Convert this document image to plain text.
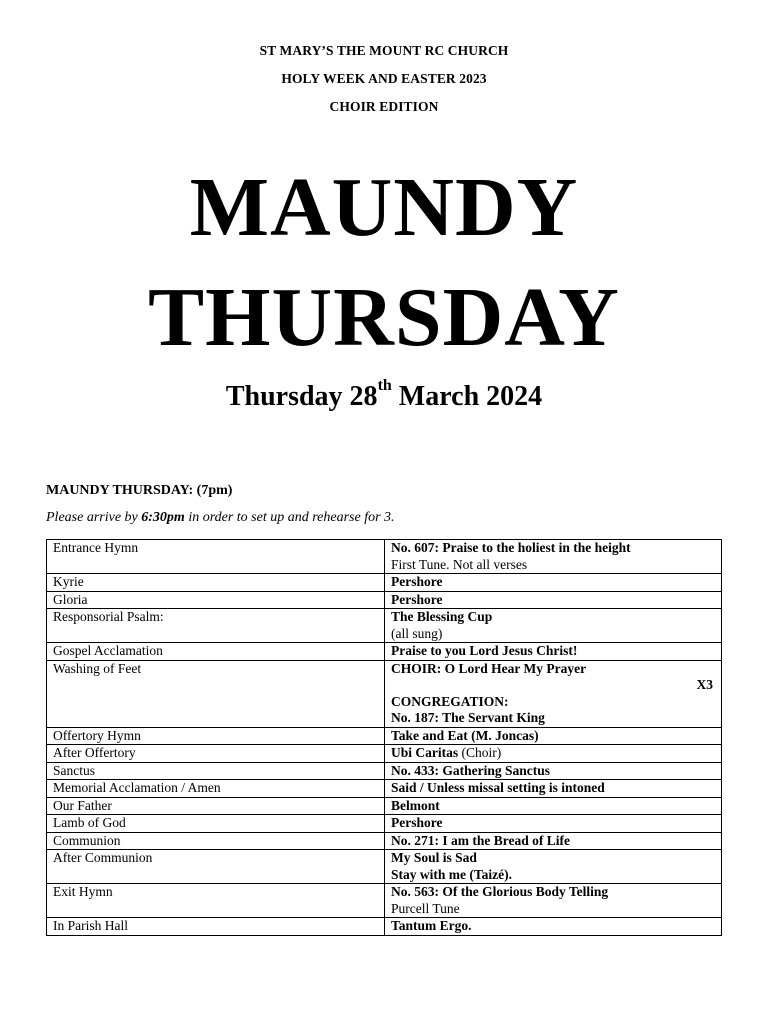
ST MARY’S THE MOUNT RC CHURCH
HOLY WEEK AND EASTER 2023
CHOIR EDITION
MAUNDY
THURSDAY
Thursday 28th March 2024
MAUNDY THURSDAY: (7pm)
Please arrive by 6:30pm in order to set up and rehearse for 3.
Entrance Hymn	No. 607: Praise to the holiest in the height
First Tune. Not all verses

Kyrie	Pershore
Gloria	Pershore
Responsorial Psalm:	The Blessing Cup
(all sung)

Gospel Acclamation	Praise to you Lord Jesus Christ!
Washing of Feet	CHOIR: O Lord Hear My Prayer
X3
CONGREGATION:
No. 187: The Servant King

Offertory Hymn	Take and Eat (M. Joncas)
After Offertory	Ubi Caritas (Choir)
Sanctus	No. 433: Gathering Sanctus
Memorial Acclamation / Amen	Said / Unless missal setting is intoned
Our Father	Belmont
Lamb of God	Pershore
Communion	No. 271: I am the Bread of Life
After Communion	My Soul is Sad
Stay with me (Taizé).

Exit Hymn	No. 563: Of the Glorious Body Telling
Purcell Tune

In Parish Hall	Tantum Ergo.
